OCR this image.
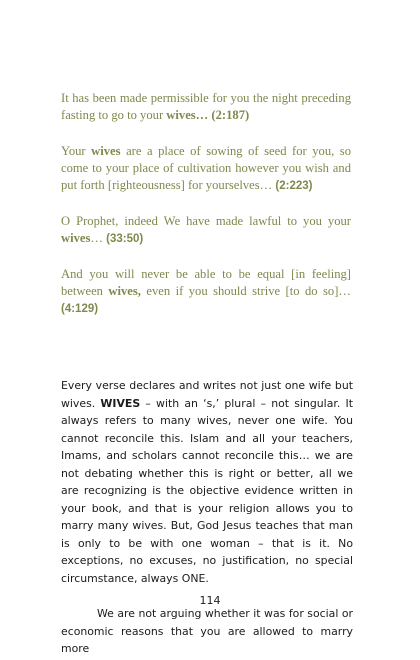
It has been made permissible for you the night preceding fasting to go to your wives… (2:187)

Your wives are a place of sowing of seed for you, so come to your place of cultivation however you wish and put forth [righteousness] for yourselves… (2:223)

O Prophet, indeed We have made lawful to you your wives… (33:50)

And you will never be able to be equal [in feeling] between wives, even if you should strive [to do so]… (4:129)

Every verse declares and writes not just one wife but wives. WIVES – with an ‘s,’ plural – not singular. It always refers to many wives, never one wife. You cannot reconcile this. Islam and all your teachers, Imams, and scholars cannot reconcile this… we are not debating whether this is right or better, all we are recognizing is the objective evidence written in your book, and that is your religion allows you to marry many wives. But, God Jesus teaches that man is only to be with one woman – that is it. No exceptions, no excuses, no justification, no special circumstance, always ONE.

We are not arguing whether it was for social or economic reasons that you are allowed to marry more

114
